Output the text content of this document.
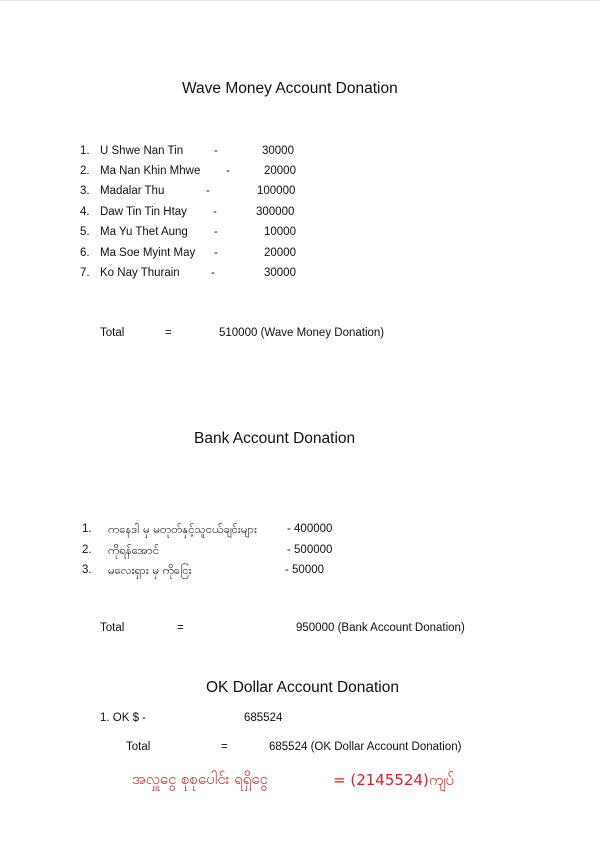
Wave Money Account Donation
1. U Shwe Nan Tin	-	30000
2. Ma Nan Khin Mhwe -	20000
3. Madalar Thu	-	100000
4. Daw Tin Tin Htay -	300000
5. Ma Yu Thet Aung -	10000
6. Ma Soe Myint May -	20000
7. Ko Nay Thurain	-	30000
Total	=	510000 (Wave Money Donation)
Bank Account Donation
1. ကနေဒါ မှ မတုတ်နှင့်သူငယ်ချင်းများ	- 400000
2. ကိုရန်အောင်	- 500000
3. မလေးရှား မှ ကိုငြေး	- 50000
Total	=	950000 (Bank Account Donation)
OK Dollar Account Donation
1. OK $ -	685524
Total	=	685524 (OK Dollar Account Donation)
အလှူငွေ စုစုပေါင်း ရရှိငွေ	= (2145524)ကျပ်
